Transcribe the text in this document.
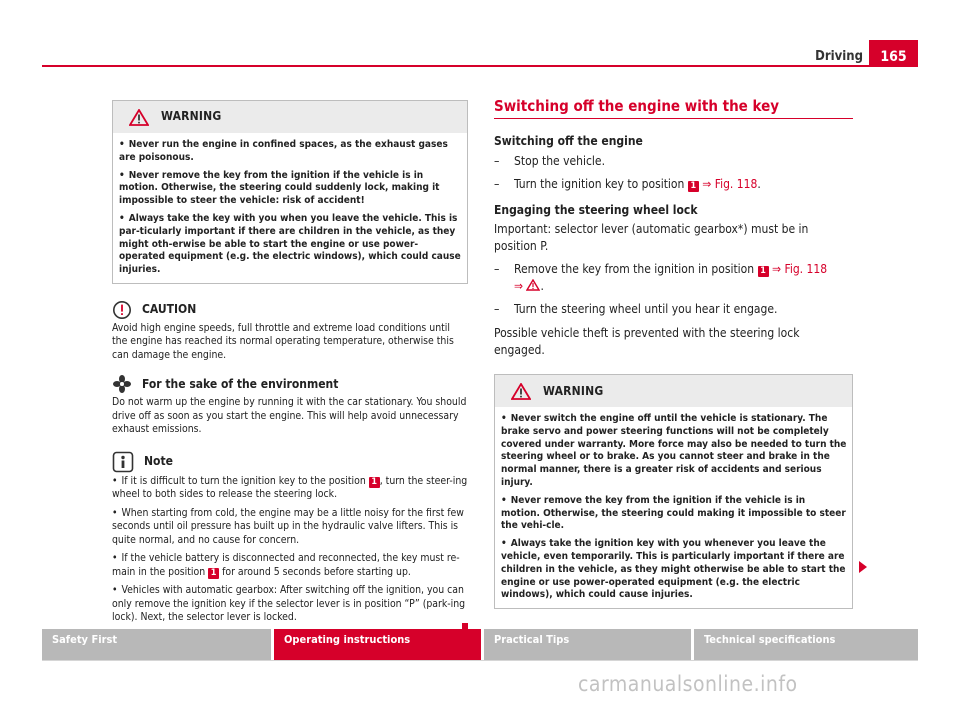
Driving	165
WARNING

• Never run the engine in confined spaces, as the exhaust gases are poisonous.

• Never remove the key from the ignition if the vehicle is in motion. Otherwise, the steering could suddenly lock, making it impossible to steer the vehicle: risk of accident!

• Always take the key with you when you leave the vehicle. This is par-ticularly important if there are children in the vehicle, as they might oth-erwise be able to start the engine or use power-operated equipment (e.g. the electric windows), which could cause injuries.

CAUTION

Avoid high engine speeds, full throttle and extreme load conditions until the engine has reached its normal operating temperature, otherwise this can damage the engine.

For the sake of the environment

Do not warm up the engine by running it with the car stationary. You should drive off as soon as you start the engine. This will help avoid unnecessary exhaust emissions.

Note

• If it is difficult to turn the ignition key to the position 1 , turn the steer-ing wheel to both sides to release the steering lock.

• When starting from cold, the engine may be a little noisy for the first few seconds until oil pressure has built up in the hydraulic valve lifters. This is quite normal, and no cause for concern.

• If the vehicle battery is disconnected and reconnected, the key must re-main in the position 1 for around 5 seconds before starting up.

• Vehicles with automatic gearbox: After switching off the ignition, you can only remove the ignition key if the selector lever is in position “P” (park-ing lock). Next, the selector lever is locked.

Switching off the engine with the key

Switching off the engine

–	Stop the vehicle.

–	Turn the ignition key to position 1 ⇒ Fig. 118.

Engaging the steering wheel lock

Important: selector lever (automatic gearbox*) must be in position P.

–	Remove the key from the ignition in position 1 ⇒ Fig. 118
⇒ .

–	Turn the steering wheel until you hear it engage.

Possible vehicle theft is prevented with the steering lock engaged.

WARNING

• Never switch the engine off until the vehicle is stationary. The brake servo and power steering functions will not be completely covered under warranty. More force may also be needed to turn the steering wheel or to brake. As you cannot steer and brake in the normal manner, there is a greater risk of accidents and serious injury.

• Never remove the key from the ignition if the vehicle is in motion. Otherwise, the steering could making it impossible to steer the vehi-cle.

• Always take the ignition key with you whenever you leave the vehicle, even temporarily. This is particularly important if there are children in the vehicle, as they might otherwise be able to start the engine or use power-operated equipment (e.g. the electric windows), which could cause injuries.

Safety First	Operating instructions	Practical Tips	Technical specifications
carmanualsonline.info
